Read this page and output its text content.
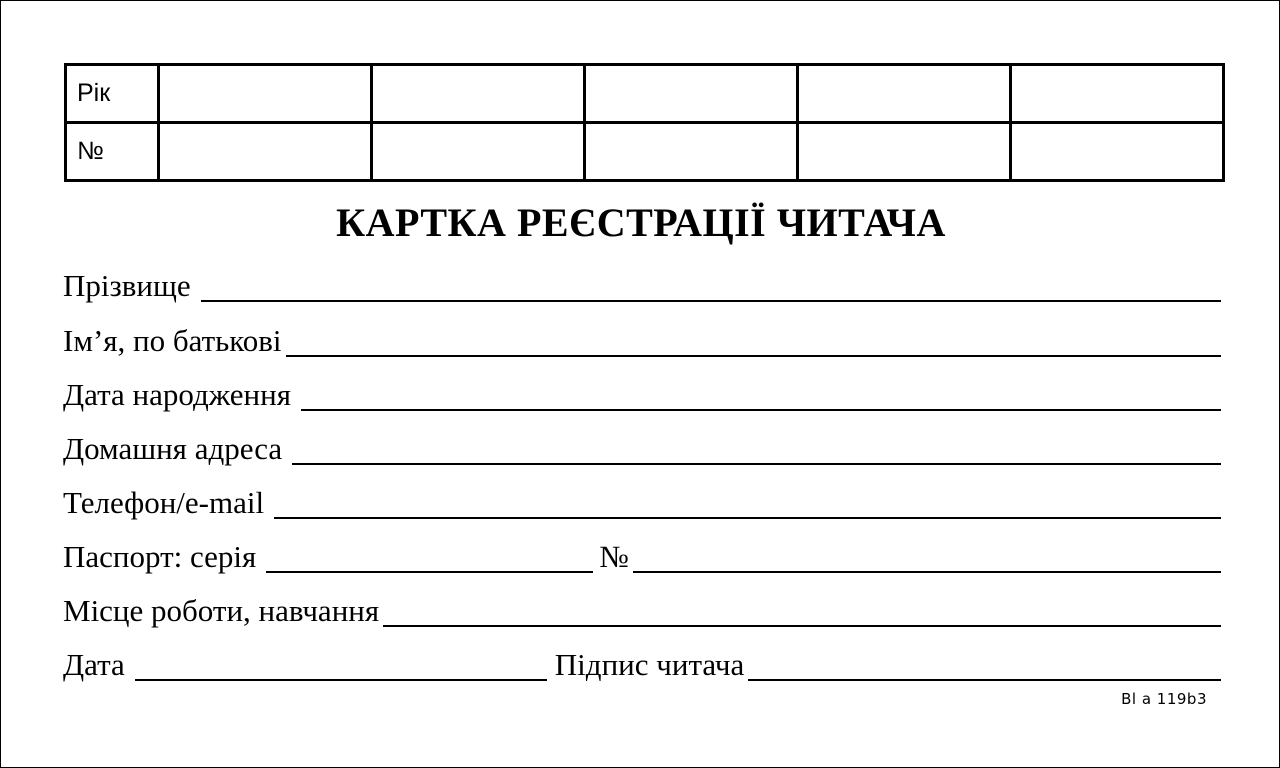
Рік					
№					
КАРТКА РЕЄСТРАЦІЇ ЧИТАЧА
Прізвище
Ім’я, по батькові
Дата народження
Домашня адреса
Телефон/e-mail
Паспорт: серія	№
Місце роботи, навчання
Дата	Підпис читача
Bl a 119b3
